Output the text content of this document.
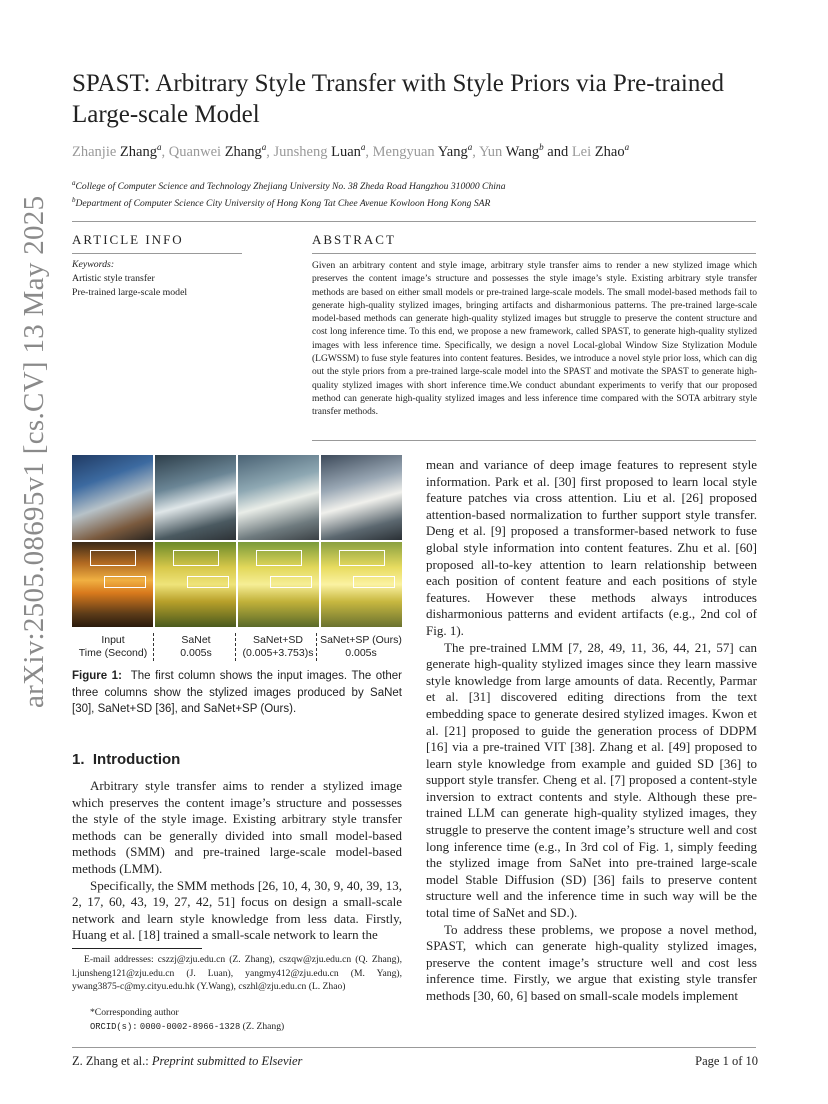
arXiv:2505.08695v1 [cs.CV] 13 May 2025
SPAST: Arbitrary Style Transfer with Style Priors via Pre-trained Large-scale Model
Zhanjie Zhang$^a$, Quanwei Zhang$^a$, Junsheng Luan$^a$, Mengyuan Yang$^a$, Yun Wang$^b$ and Lei Zhao$^a$
$^a$College of Computer Science and Technology Zhejiang University No. 38 Zheda Road Hangzhou 310000 China
$^b$Department of Computer Science City University of Hong Kong Tat Chee Avenue Kowloon Hong Kong SAR
ARTICLE INFO
Keywords:
Artistic style transfer
Pre-trained large-scale model
ABSTRACT
Given an arbitrary content and style image, arbitrary style transfer aims to render a new stylized image which preserves the content image’s structure and possesses the style image’s style. Existing arbitrary style transfer methods are based on either small models or pre-trained large-scale models. The small model-based methods fail to generate high-quality stylized images, bringing artifacts and disharmonious patterns. The pre-trained large-scale model-based methods can generate high-quality stylized images but struggle to preserve the content structure and cost long inference time. To this end, we propose a new framework, called SPAST, to generate high-quality stylized images with less inference time. Specifically, we design a novel Local-global Window Size Stylization Module (LGWSSM) to fuse style features into content features. Besides, we introduce a novel style prior loss, which can dig out the style priors from a pre-trained large-scale model into the SPAST and motivate the SPAST to generate high-quality stylized images with short inference time.We conduct abundant experiments to verify that our proposed method can generate high-quality stylized images and less inference time compared with the SOTA arbitrary style transfer methods.
Input
Time (Second)
SaNet
0.005s
SaNet+SD
(0.005+3.753)s
SaNet+SP (Ours)
0.005s
Figure 1: The first column shows the input images. The other three columns show the stylized images produced by SaNet [30], SaNet+SD [36], and SaNet+SP (Ours).
1. Introduction

Arbitrary style transfer aims to render a stylized image which preserves the content image’s structure and possesses the style of the style image. Existing arbitrary style transfer methods can be generally divided into small model-based methods (SMM) and pre-trained large-scale model-based methods (LMM).

Specifically, the SMM methods [26, 10, 4, 30, 9, 40, 39, 13, 2, 17, 60, 43, 19, 27, 42, 51] focus on design a small-scale network and learn style knowledge from less data. Firstly, Huang et al. [18] trained a small-scale network to learn the

E-mail addresses: cszzj@zju.edu.cn (Z. Zhang), cszqw@zju.edu.cn (Q. Zhang), l.junsheng121@zju.edu.cn (J. Luan), yangmy412@zju.edu.cn (M. Yang), ywang3875-c@my.cityu.edu.hk (Y.Wang), cszhl@zju.edu.cn (L. Zhao)
*Corresponding author
ORCID(s): 0000-0002-8966-1328 (Z. Zhang)

mean and variance of deep image features to represent style information. Park et al. [30] first proposed to learn local style feature patches via cross attention. Liu et al. [26] proposed attention-based normalization to further support style transfer. Deng et al. [9] proposed a transformer-based network to fuse global style information into content features. Zhu et al. [60] proposed all-to-key attention to learn relationship between each position of content feature and each positions of style features. However these methods always introduces disharmonious patterns and evident artifacts (e.g., 2nd col of Fig. 1).

The pre-trained LMM [7, 28, 49, 11, 36, 44, 21, 57] can generate high-quality stylized images since they learn massive style knowledge from large amounts of data. Recently, Parmar et al. [31] discovered editing directions from the text embedding space to generate desired stylized images. Kwon et al. [21] proposed to guide the generation process of DDPM [16] via a pre-trained VIT [38]. Zhang et al. [49] proposed to learn style knowledge from example and guided SD [36] to support style transfer. Cheng et al. [7] proposed a content-style inversion to extract contents and style. Although these pre-trained LLM can generate high-quality stylized images, they struggle to preserve the content image’s structure well and cost long inference time (e.g., In 3rd col of Fig. 1, simply feeding the stylized image from SaNet into pre-trained large-scale model Stable Diffusion (SD) [36] fails to preserve content structure well and the inference time in such way will be the total time of SaNet and SD.).

To address these problems, we propose a novel method, SPAST, which can generate high-quality stylized images, preserve the content image’s structure well and cost less inference time. Firstly, we argue that existing style transfer methods [30, 60, 6] based on small-scale models implement

Z. Zhang et al.: Preprint submitted to Elsevier	Page 1 of 10
